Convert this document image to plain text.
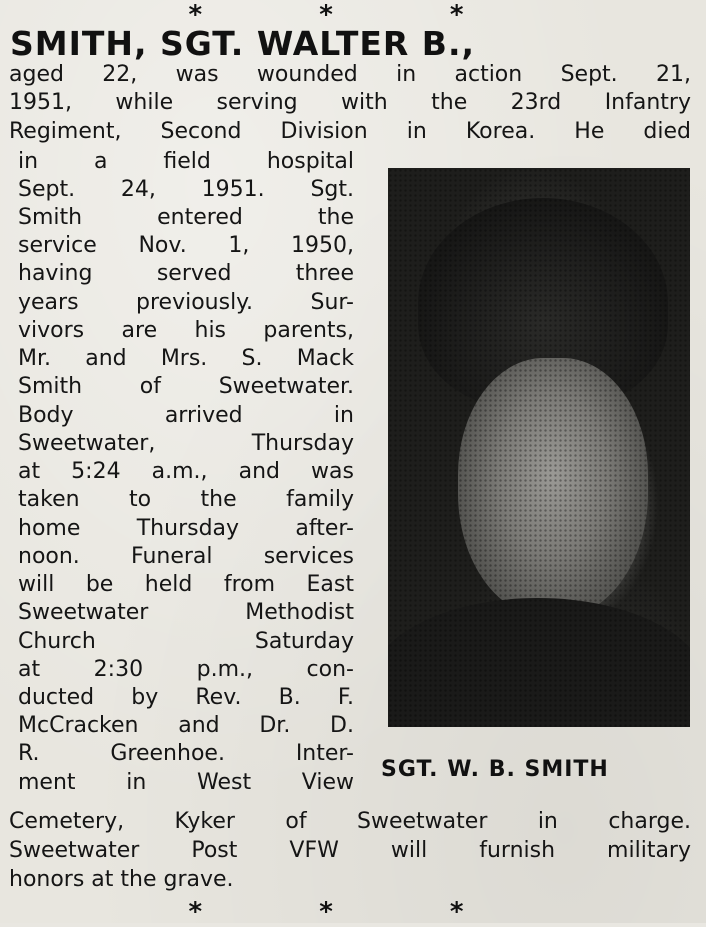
* * *
SMITH, SGT. WALTER B.,
aged 22, was wounded in action Sept. 21,
1951, while serving with the 23rd Infantry
Regiment, Second Division in Korea. He died
in a field hospital
Sept. 24, 1951. Sgt.
Smith entered the
service Nov. 1, 1950,
having served three
years previously. Sur-
vivors are his parents,
Mr. and Mrs. S. Mack
Smith of Sweetwater.
Body arrived in
Sweetwater, Thursday
at 5:24 a.m., and was
taken to the family
home Thursday after-
noon. Funeral services
will be held from East
Sweetwater Methodist
Church Saturday
at 2:30 p.m., con-
ducted by Rev. B. F.
McCracken and Dr. D.
R. Greenhoe. Inter-
ment in West View
Cemetery, Kyker of Sweetwater in charge.
Sweetwater Post VFW will furnish military
honors at the grave.
SGT. W. B. SMITH
* * *
